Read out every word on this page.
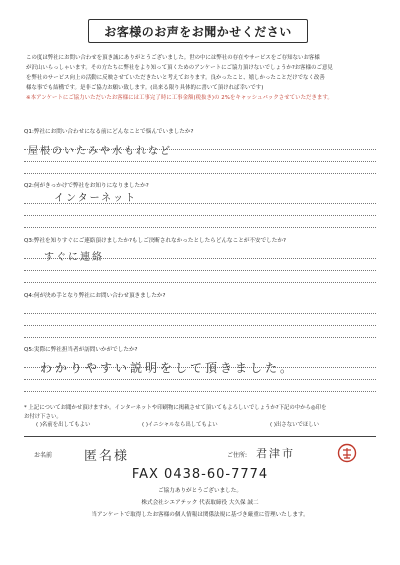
お客様のお声をお聞かせください

この度は弊社にお問い合わせを頂き誠にありがとうございました。世の中には弊社の存在やサービスをご存知ないお客様

が沢山いらっしゃいます。その方たちに弊社をより知って頂くためのアンケートにご協力頂けないでしょうか?お客様のご意見

を弊社のサービス向上の活動に反映させていただきたいと考えております。良かったこと、嬉しかったことだけでなく改善

様な事でも結構です。是非ご協力お願い致します。(出来る限り具体的に書いて頂ければ幸いです)

※本アンケートにご協力いただいたお客様には工事完了時に工事金額(税抜き)の 2%をキャッシュバックさせていただきます。

Q1:弊社にお問い合わせになる前にどんなことで悩んでいましたか?
屋根のいたみや水もれなど
Q2:何がきっかけで弊社をお知りになりましたか?
インターネット
Q3:弊社を知りすぐにご連絡頂けましたか?もしご決断されなかったとしたらどんなことが不安でしたか?
すぐに連絡
Q4:何が決め手となり弊社にお問い合わせ頂きましたか?
Q5:実際に弊社担当者が訪問いかがでしたか?
わかりやすい説明をして頂きました。
* 上記についてお聞かせ頂けますか。インターネットや印刷物に掲載させて頂いてもよろしいでしょうか?下記の中から◎印を
お付け下さい。
( )名前を出してもよい	( )イニシャルなら出してもよい	( )出さないでほしい
お名前 匿名様	ご住所: 君津市
FAX 0438-60-7774
ご協力ありがとうございました。
株式会社シエアテック 代表取締役 大久保 誠二
当アンケートで取得したお客様の個人情報は関係法規に基づき厳重に管理いたします。
